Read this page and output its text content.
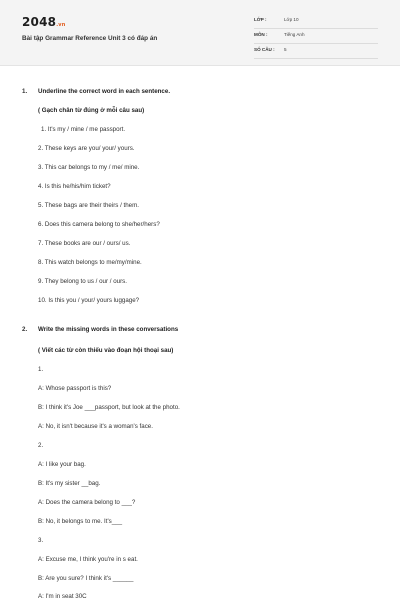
2048.vn
Bài tập Grammar Reference Unit 3 có đáp án
LỚP :	Lớp 10
MÔN :	Tiếng Anh
SỐ CÂU : 5
1. Underline the correct word in each sentence.
( Gạch chân từ đúng ở mỗi câu sau)
1. It's my / mine / me passport.
2. These keys are you/ your/ yours.
3. This car belongs to my / me/ mine.
4. Is this he/his/him ticket?
5. These bags are their theirs / them.
6. Does this camera belong to she/her/hers?
7. These books are our / ours/ us.
8. This watch belongs to me/my/mine.
9. They belong to us / our / ours.
10. Is this you / your/ yours luggage?
2. Write the missing words in these conversations
( Viết các từ còn thiếu vào đoạn hội thoại sau)
1.
A: Whose passport is this?
B: I think it's Joe ___passport, but look at the photo.
A: No, it isn't because it's a woman's face.
2.
A: I like your bag.
B: It's my sister __bag.
A: Does the camera belong to ___?
B: No, it belongs to me. It's___
3.
A: Excuse me, I think you're in s eat.
B: Are you sure? I think it's ______
A: I'm in seat 30C
